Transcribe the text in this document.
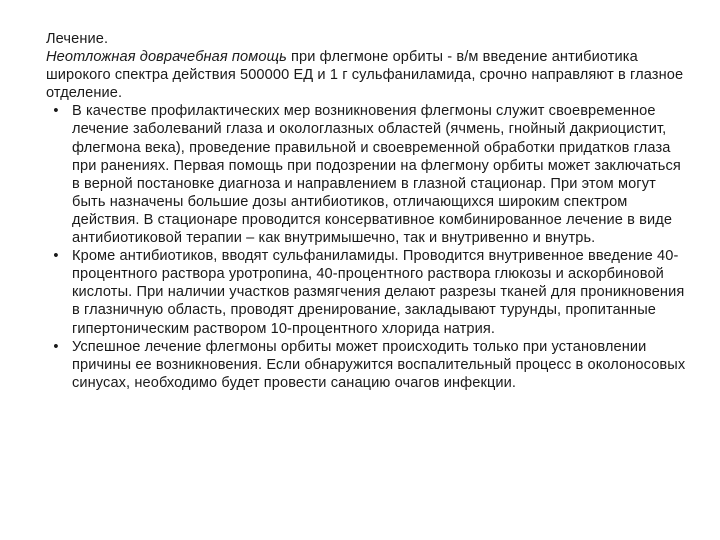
Лечение.

Неотложная доврачебная помощь при флегмоне орбиты - в/м введение антибиотика широкого спектра действия 500000 ЕД и 1 г сульфаниламида, срочно направляют в глазное отделение.

• В качестве профилактических мер возникновения флегмоны служит своевременное лечение заболеваний глаза и окологлазных областей (ячмень, гнойный дакриоцистит, флегмона века), проведение правильной и своевременной обработки придатков глаза при ранениях. Первая помощь при подозрении на флегмону орбиты может заключаться в верной постановке диагноза и направлением в глазной стационар. При этом могут быть назначены большие дозы антибиотиков, отличающихся широким спектром действия. В стационаре проводится консервативное комбинированное лечение в виде антибиотиковой терапии – как внутримышечно, так и внутривенно и внутрь.
• Кроме антибиотиков, вводят сульфаниламиды. Проводится внутривенное введение 40-процентного раствора уротропина, 40-процентного раствора глюкозы и аскорбиновой кислоты. При наличии участков размягчения делают разрезы тканей для проникновения в глазничную область, проводят дренирование, закладывают турунды, пропитанные гипертоническим раствором 10-процентного хлорида натрия.
• Успешное лечение флегмоны орбиты может происходить только при установлении причины ее возникновения. Если обнаружится воспалительный процесс в околоносовых синусах, необходимо будет провести санацию очагов инфекции.
